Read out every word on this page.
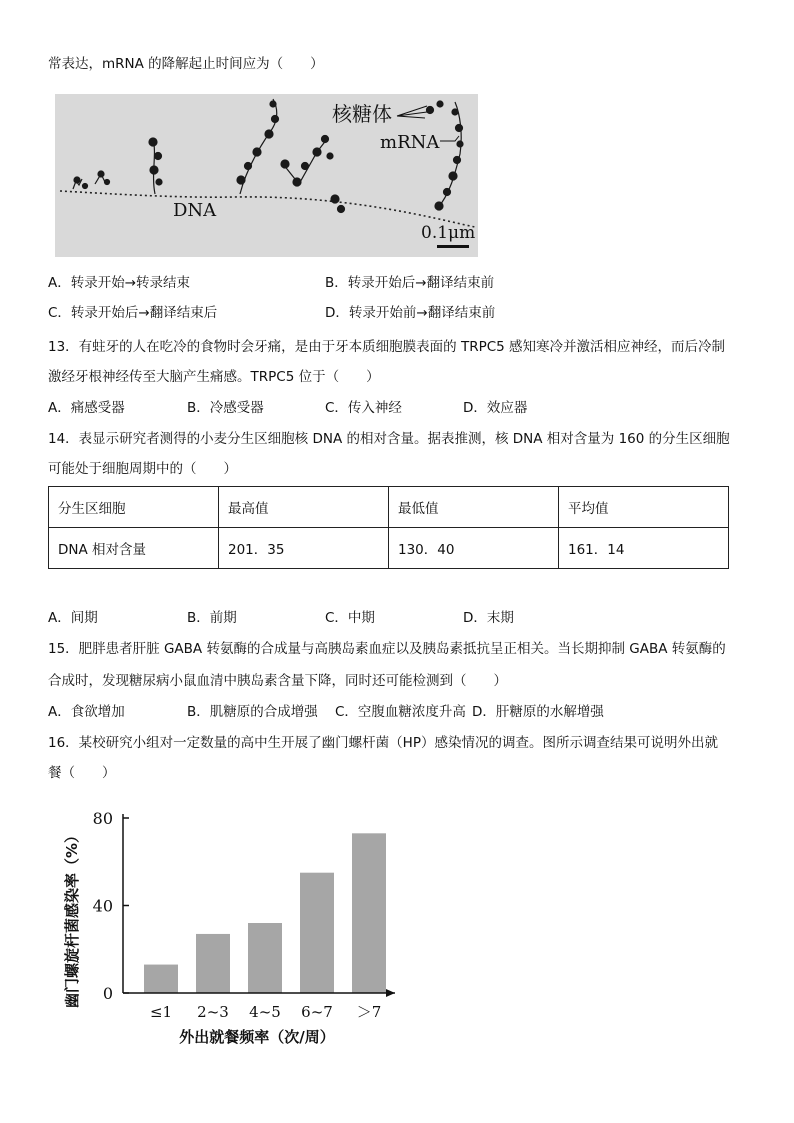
常表达，mRNA 的降解起止时间应为（　　）
核糖体
mRNA
DNA
0.1μm
A．转录开始→转录结束	B．转录开始后→翻译结束前
C．转录开始后→翻译结束后	D．转录开始前→翻译结束前
13．有蛀牙的人在吃冷的食物时会牙痛，是由于牙本质细胞膜表面的 TRPC5 感知寒冷并激活相应神经，而后冷制
激经牙根神经传至大脑产生痛感。TRPC5 位于（　　）
A．痛感受器	B．冷感受器	C．传入神经	D．效应器
14．表显示研究者测得的小麦分生区细胞核 DNA 的相对含量。据表推测，核 DNA 相对含量为 160 的分生区细胞
可能处于细胞周期中的（　　）
分生区细胞	最高值	最低值	平均值
DNA 相对含量	201．35	130．40	161．14
A．间期	B．前期	C．中期	D．末期
15．肥胖患者肝脏 GABA 转氨酶的合成量与高胰岛素血症以及胰岛素抵抗呈正相关。当长期抑制 GABA 转氨酶的
合成时，发现糖尿病小鼠血清中胰岛素含量下降，同时还可能检测到（　　）
A．食欲增加	B．肌糖原的合成增强 C．空腹血糖浓度升高 D．肝糖原的水解增强
16．某校研究小组对一定数量的高中生开展了幽门螺杆菌（HP）感染情况的调查。图所示调查结果可说明外出就
餐（　　）
0
40
80
≤1 2~3 4~5 6~7 ＞7
幽门螺旋杆菌感染率（%）
外出就餐频率（次/周）
